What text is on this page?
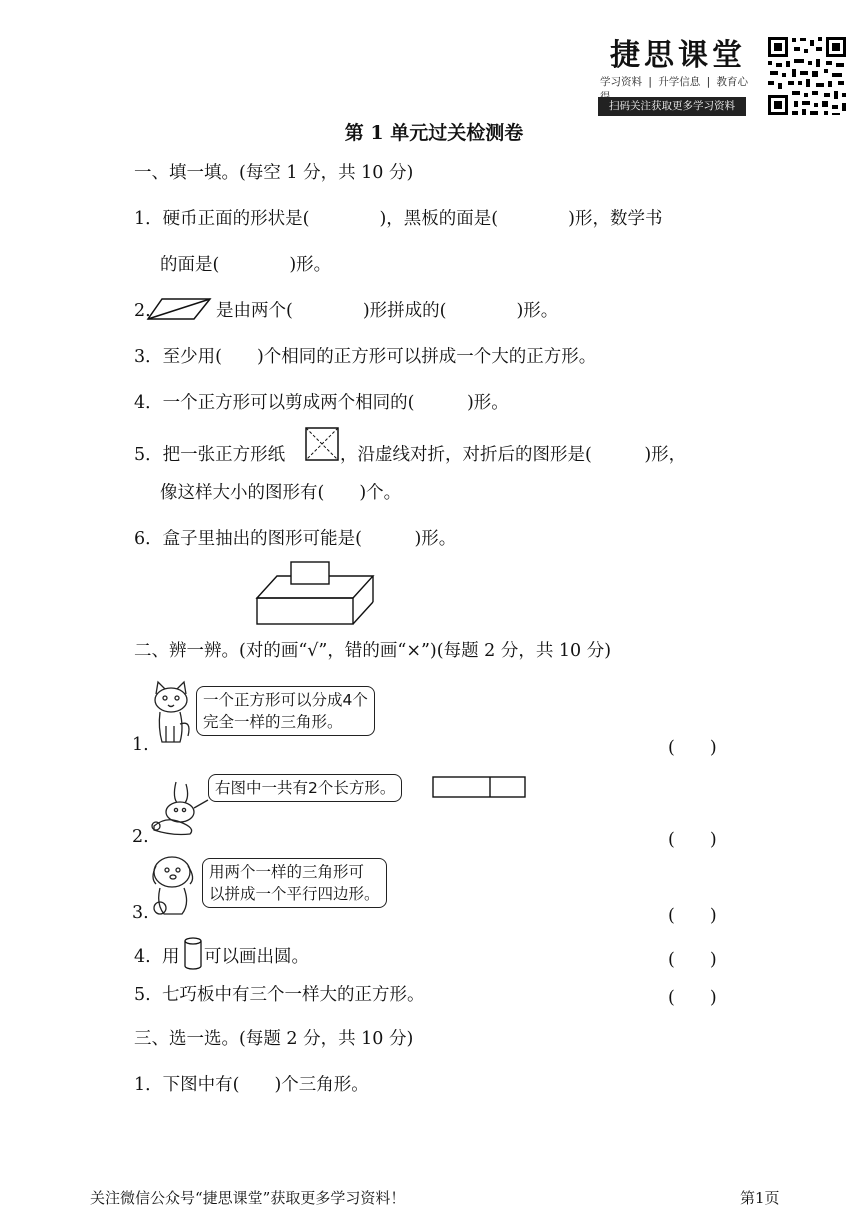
捷思课堂
学习资料 | 升学信息 | 教育心
扫码关注获取更多学习资料
第 1 单元过关检测卷
一、填一填。(每空 1 分，共 10 分)
1．硬币正面的形状是(　　　　)，黑板的面是(　　　　)形，数学书
的面是(　　　　)形。
2.	是由两个(　　　　)形拼成的(　　　　)形。
3．至少用(　　)个相同的正方形可以拼成一个大的正方形。
4．一个正方形可以剪成两个相同的(　　　)形。
5．把一张正方形纸	，沿虚线对折，对折后的图形是(　　　)形，
像这样大小的图形有(　　)个。
6．盒子里抽出的图形可能是(　　　)形。
二、辨一辨。(对的画“√”，错的画“×”)(每题 2 分，共 10 分)
一个正方形可以分成4个
完全一样的三角形。
1.	(　　)
右图中一共有2个长方形。
2.	(　　)
用两个一样的三角形可
以拼成一个平行四边形。
3.	(　　)
4. 用 可以画出圆。	(　　)
5. 七巧板中有三个一样大的正方形。	(　　)
三、选一选。(每题 2 分，共 10 分)
1．下图中有(　　)个三角形。
关注微信公众号“捷思课堂”获取更多学习资料！	第1页
